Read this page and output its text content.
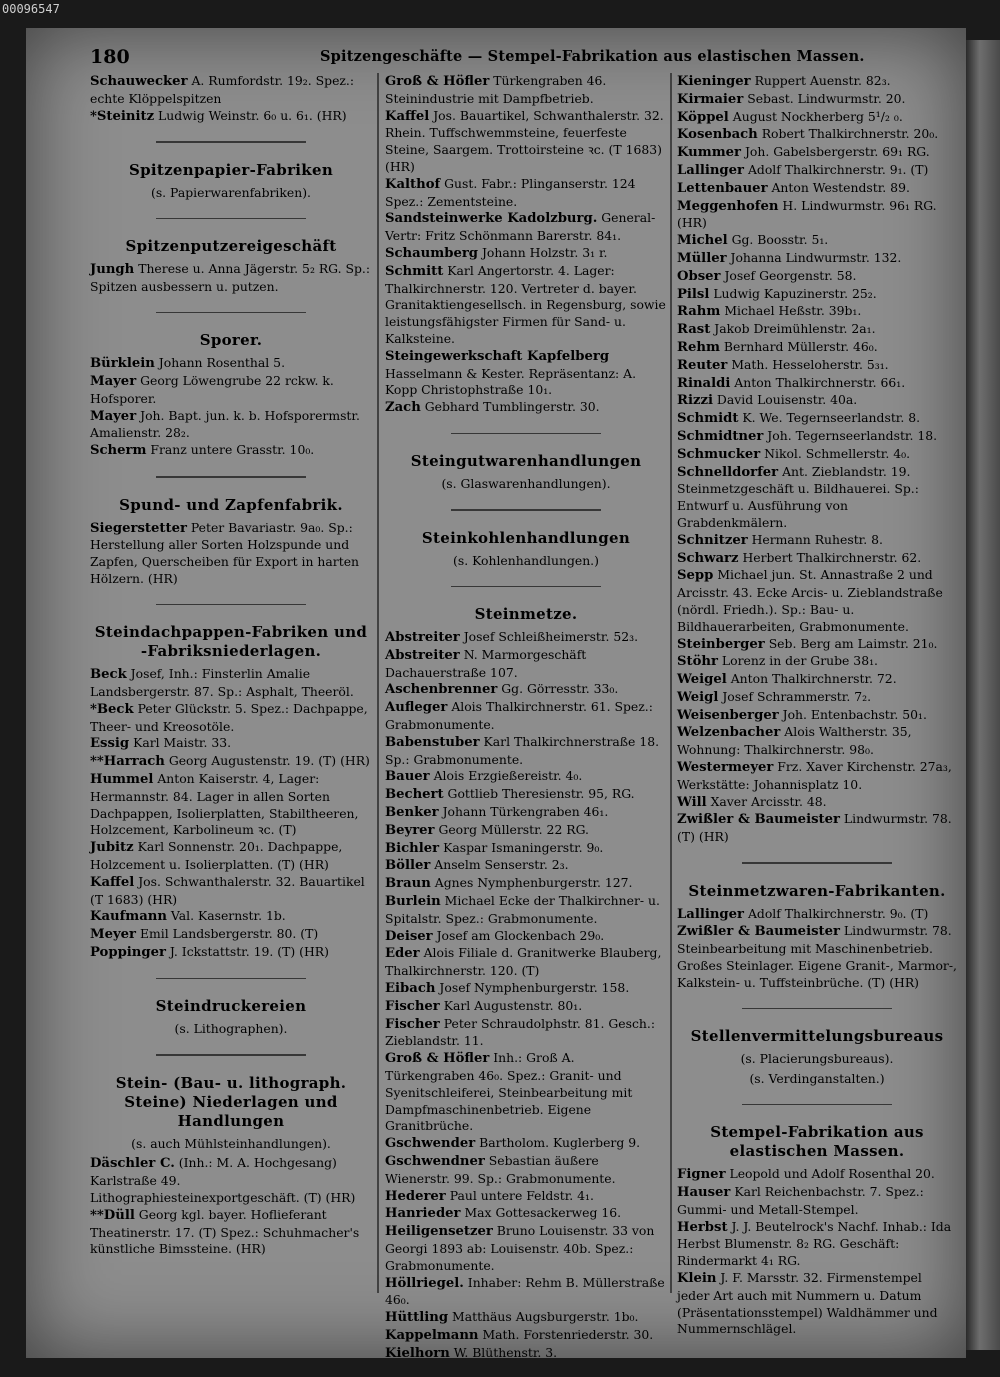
00096547
180	Spitzengeschäfte — Stempel-Fabrikation aus elastischen Massen.
Schauwecker A. Rumfordstr. 19₂. Spez.: echte Klöppelspitzen
*Steinitz Ludwig Weinstr. 6₀ u. 6₁. (HR)
Spitzenpapier-Fabriken
(s. Papierwarenfabriken).
Spitzenputzereigeschäft
Jungh Therese u. Anna Jägerstr. 5₂ RG. Sp.: Spitzen ausbessern u. putzen.
Sporer.
Bürklein Johann Rosenthal 5.
Mayer Georg Löwengrube 22 rckw. k. Hofsporer.
Mayer Joh. Bapt. jun. k. b. Hofsporermstr. Amalienstr. 28₂.
Scherm Franz untere Grasstr. 10₀.
Spund- und Zapfenfabrik.
Siegerstetter Peter Bavariastr. 9a₀. Sp.: Herstellung aller Sorten Holzspunde und Zapfen, Querscheiben für Export in harten Hölzern. (HR)
Steindachpappen-Fabriken und -Fabriksniederlagen.
Beck Josef, Inh.: Finsterlin Amalie Landsbergerstr. 87. Sp.: Asphalt, Theeröl.
*Beck Peter Glückstr. 5. Spez.: Dachpappe, Theer- und Kreosotöle.
Essig Karl Maistr. 33.
**Harrach Georg Augustenstr. 19. (T) (HR)
Hummel Anton Kaiserstr. 4, Lager: Hermannstr. 84. Lager in allen Sorten Dachpappen, Isolierplatten, Stabiltheeren, Holzcement, Karbolineum ꝛc. (T)
Jubitz Karl Sonnenstr. 20₁. Dachpappe, Holzcement u. Isolierplatten. (T) (HR)
Kaffel Jos. Schwanthalerstr. 32. Bauartikel (T 1683) (HR)
Kaufmann Val. Kasernstr. 1b.
Meyer Emil Landsbergerstr. 80. (T)
Poppinger J. Ickstattstr. 19. (T) (HR)
Steindruckereien
(s. Lithographen).
Stein- (Bau- u. lithograph. Steine) Niederlagen und Handlungen
(s. auch Mühlsteinhandlungen).
Däschler C. (Inh.: M. A. Hochgesang) Karlstraße 49. Lithographiesteinexportgeschäft. (T) (HR)
**Düll Georg kgl. bayer. Hoflieferant Theatinerstr. 17. (T) Spez.: Schuhmacher's künstliche Bimssteine. (HR)
Groß & Höfler Türkengraben 46. Steinindustrie mit Dampfbetrieb.
Kaffel Jos. Bauartikel, Schwanthalerstr. 32. Rhein. Tuffschwemmsteine, feuerfeste Steine, Saargem. Trottoirsteine ꝛc. (T 1683) (HR)
Kalthof Gust. Fabr.: Plinganserstr. 124 Spez.: Zementsteine.
Sandsteinwerke Kadolzburg. General-Vertr: Fritz Schönmann Barerstr. 84₁.
Schaumberg Johann Holzstr. 3₁ r.
Schmitt Karl Angertorstr. 4. Lager: Thalkirchnerstr. 120. Vertreter d. bayer. Granitaktiengesellsch. in Regensburg, sowie leistungsfähigster Firmen für Sand- u. Kalksteine.
Steingewerkschaft Kapfelberg Hasselmann & Kester. Repräsentanz: A. Kopp Christophstraße 10₁.
Zach Gebhard Tumblingerstr. 30.
Steingutwarenhandlungen
(s. Glaswarenhandlungen).
Steinkohlenhandlungen
(s. Kohlenhandlungen.)
Steinmetze.
Abstreiter Josef Schleißheimerstr. 52₃.
Abstreiter N. Marmorgeschäft Dachauerstraße 107.
Aschenbrenner Gg. Görresstr. 33₀.
Aufleger Alois Thalkirchnerstr. 61. Spez.: Grabmonumente.
Babenstuber Karl Thalkirchnerstraße 18. Sp.: Grabmonumente.
Bauer Alois Erzgießereistr. 4₀.
Bechert Gottlieb Theresienstr. 95, RG.
Benker Johann Türkengraben 46₁.
Beyrer Georg Müllerstr. 22 RG.
Bichler Kaspar Ismaningerstr. 9₀.
Böller Anselm Senserstr. 2₃.
Braun Agnes Nymphenburgerstr. 127.
Burlein Michael Ecke der Thalkirchner- u. Spitalstr. Spez.: Grabmonumente.
Deiser Josef am Glockenbach 29₀.
Eder Alois Filiale d. Granitwerke Blauberg, Thalkirchnerstr. 120. (T)
Eibach Josef Nymphenburgerstr. 158.
Fischer Karl Augustenstr. 80₁.
Fischer Peter Schraudolphstr. 81. Gesch.: Zieblandstr. 11.
Groß & Höfler Inh.: Groß A. Türkengraben 46₀. Spez.: Granit- und Syenitschleiferei, Steinbearbeitung mit Dampfmaschinenbetrieb. Eigene Granitbrüche.
Gschwender Bartholom. Kuglerberg 9.
Gschwendner Sebastian äußere Wienerstr. 99. Sp.: Grabmonumente.
Hederer Paul untere Feldstr. 4₁.
Hanrieder Max Gottesackerweg 16.
Heiligensetzer Bruno Louisenstr. 33 von Georgi 1893 ab: Louisenstr. 40b. Spez.: Grabmonumente.
Höllriegel. Inhaber: Rehm B. Müllerstraße 46₀.
Hüttling Matthäus Augsburgerstr. 1b₀.
Kappelmann Math. Forstenriederstr. 30.
Kielhorn W. Blüthenstr. 3.
Kieninger Ruppert Auenstr. 82₃.
Kirmaier Sebast. Lindwurmstr. 20.
Köppel August Nockherberg 5¹/₂ ₀.
Kosenbach Robert Thalkirchnerstr. 20₀.
Kummer Joh. Gabelsbergerstr. 69₁ RG.
Lallinger Adolf Thalkirchnerstr. 9₁. (T)
Lettenbauer Anton Westendstr. 89.
Meggenhofen H. Lindwurmstr. 96₁ RG. (HR)
Michel Gg. Boosstr. 5₁.
Müller Johanna Lindwurmstr. 132.
Obser Josef Georgenstr. 58.
Pilsl Ludwig Kapuzinerstr. 25₂.
Rahm Michael Heßstr. 39b₁.
Rast Jakob Dreimühlenstr. 2a₁.
Rehm Bernhard Müllerstr. 46₀.
Reuter Math. Hesseloherstr. 5₃₁.
Rinaldi Anton Thalkirchnerstr. 66₁.
Rizzi David Louisenstr. 40a.
Schmidt K. We. Tegernseerlandstr. 8.
Schmidtner Joh. Tegernseerlandstr. 18.
Schmucker Nikol. Schmellerstr. 4₀.
Schnelldorfer Ant. Zieblandstr. 19. Steinmetzgeschäft u. Bildhauerei. Sp.: Entwurf u. Ausführung von Grabdenkmälern.
Schnitzer Hermann Ruhestr. 8.
Schwarz Herbert Thalkirchnerstr. 62.
Sepp Michael jun. St. Annastraße 2 und Arcisstr. 43. Ecke Arcis- u. Zieblandstraße (nördl. Friedh.). Sp.: Bau- u. Bildhauerarbeiten, Grabmonumente.
Steinberger Seb. Berg am Laimstr. 21₀.
Stöhr Lorenz in der Grube 38₁.
Weigel Anton Thalkirchnerstr. 72.
Weigl Josef Schrammerstr. 7₂.
Weisenberger Joh. Entenbachstr. 50₁.
Welzenbacher Alois Waltherstr. 35, Wohnung: Thalkirchnerstr. 98₀.
Westermeyer Frz. Xaver Kirchenstr. 27a₃, Werkstätte: Johannisplatz 10.
Will Xaver Arcisstr. 48.
Zwißler & Baumeister Lindwurmstr. 78. (T) (HR)
Steinmetzwaren-Fabrikanten.
Lallinger Adolf Thalkirchnerstr. 9₀. (T)
Zwißler & Baumeister Lindwurmstr. 78. Steinbearbeitung mit Maschinenbetrieb. Großes Steinlager. Eigene Granit-, Marmor-, Kalkstein- u. Tuffsteinbrüche. (T) (HR)
Stellenvermittelungsbureaus
(s. Placierungsbureaus).
(s. Verdinganstalten.)
Stempel-Fabrikation aus elastischen Massen.
Figner Leopold und Adolf Rosenthal 20.
Hauser Karl Reichenbachstr. 7. Spez.: Gummi- und Metall-Stempel.
Herbst J. J. Beutelrock's Nachf. Inhab.: Ida Herbst Blumenstr. 8₂ RG. Geschäft: Rindermarkt 4₁ RG.
Klein J. F. Marsstr. 32. Firmenstempel jeder Art auch mit Nummern u. Datum (Präsentationsstempel) Waldhämmer und Nummernschlägel.
